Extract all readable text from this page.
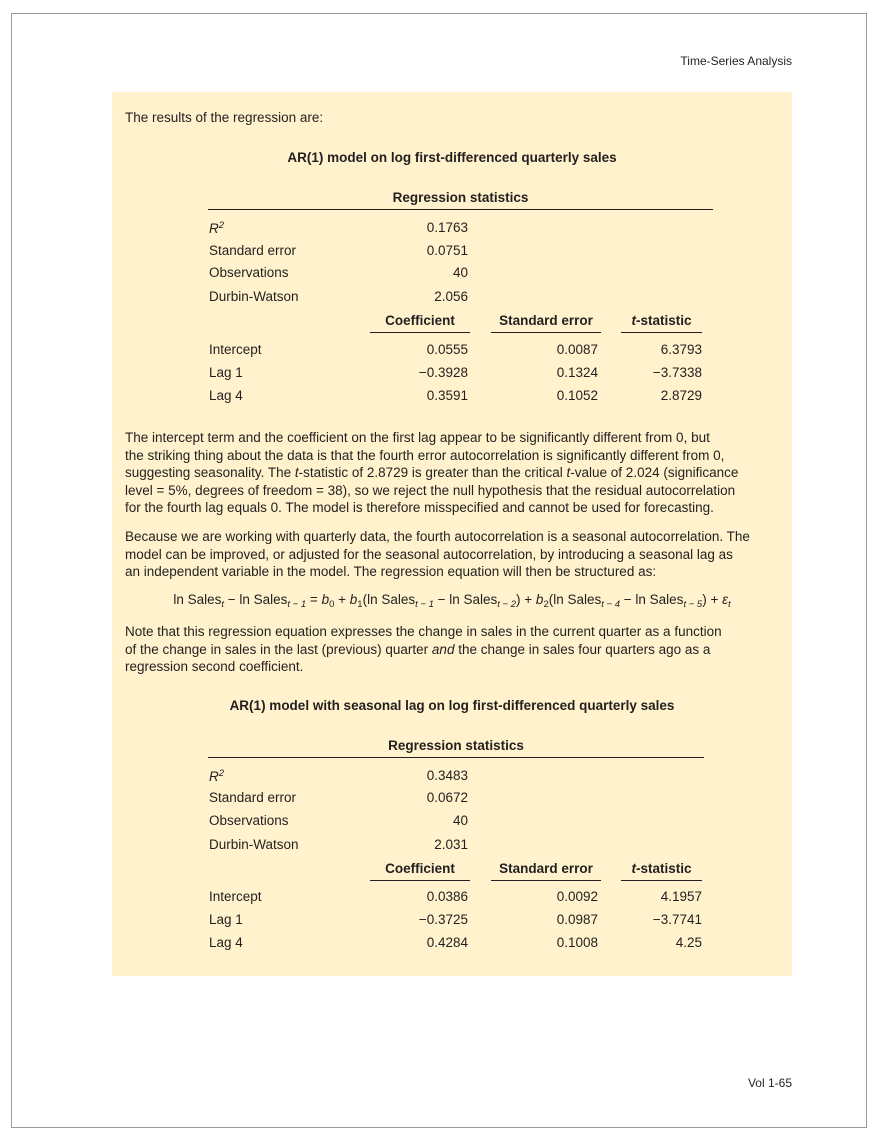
Time-Series Analysis
The results of the regression are:
AR(1) model on log first-differenced quarterly sales
Regression statistics
$R^2$	0.1763
Standard error	0.0751
Observations	40
Durbin-Watson	2.056
Coefficient	Standard error	t-statistic
Intercept	0.0555	0.0087	6.3793
Lag 1	−0.3928	0.1324	−3.7338
Lag 4	0.3591	0.1052	2.8729

The intercept term and the coefficient on the first lag appear to be significantly different from 0, but

the striking thing about the data is that the fourth error autocorrelation is significantly different from 0,

suggesting seasonality. The t-statistic of 2.8729 is greater than the critical t-value of 2.024 (significance

level = 5%, degrees of freedom = 38), so we reject the null hypothesis that the residual autocorrelation

for the fourth lag equals 0. The model is therefore misspecified and cannot be used for forecasting.

Because we are working with quarterly data, the fourth autocorrelation is a seasonal autocorrelation. The

model can be improved, or adjusted for the seasonal autocorrelation, by introducing a seasonal lag as

an independent variable in the model. The regression equation will then be structured as:

ln Sales$_t$ − ln Sales$_{t - 1}$ = $b_0 + b_1(\ln$ Sales$_{t - 1}$ − ln Sales$_{t - 2}$) + $b_2(\ln$ Sales$_{t - 4}$ − ln Sales$_{t - 5}$) + $\varepsilon_t$

Note that this regression equation expresses the change in sales in the current quarter as a function

of the change in sales in the last (previous) quarter and the change in sales four quarters ago as a

regression second coefficient.

AR(1) model with seasonal lag on log first-differenced quarterly sales
Regression statistics
$R^2$	0.3483
Standard error	0.0672
Observations	40
Durbin-Watson	2.031
Coefficient	Standard error	t-statistic
Intercept	0.0386	0.0092	4.1957
Lag 1	−0.3725	0.0987	−3.7741
Lag 4	0.4284	0.1008	4.25
Vol 1-65
